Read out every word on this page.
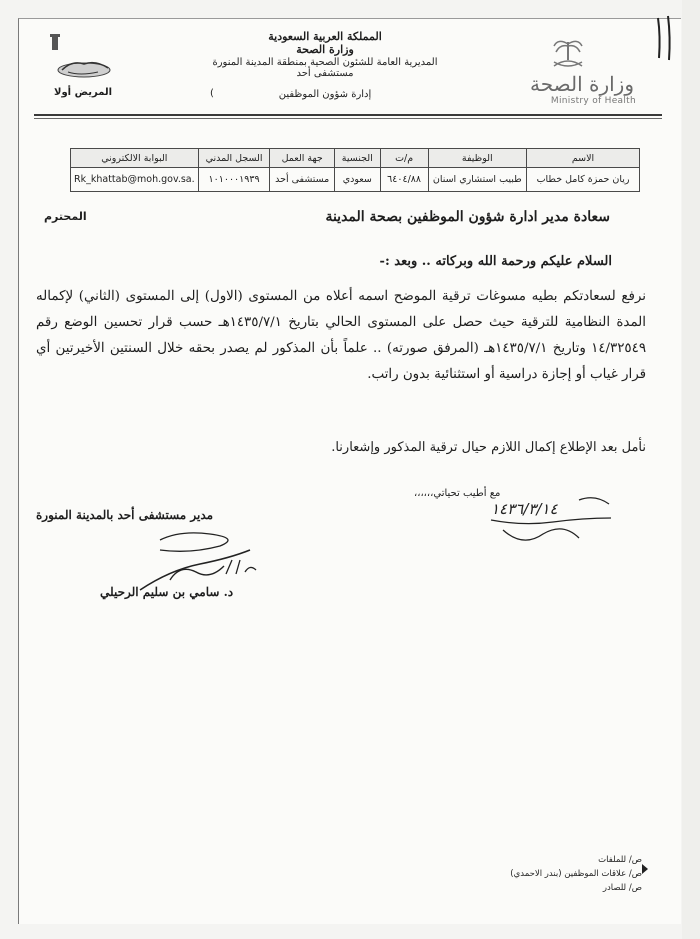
المريض أولا
المملكة العربية السعودية
وزارة الصحة
المديرية العامة للشئون الصحية بمنطقة المدينة المنورة
مستشفى أحد
إدارة شؤون الموظفين
(	وزارة الصحة
Ministry of Health
الاسم	الوظيفة	م/ت	الجنسية	جهة العمل	السجل المدني	البوابة الالكتروني
ريان حمزة كامل خطاب	طبيب استشاري اسنان	٦٤٠٤/٨٨	سعودي	مستشفى أحد	١٠١٠٠٠١٩٣٩	Rk_khattab@moh.gov.sa.
سعادة مدير ادارة شؤون الموظفين بصحة المدينة
المحترم
السلام عليكم ورحمة الله وبركاته .. وبعد :-
نرفع لسعادتكم بطيه مسوغات ترقية الموضح اسمه أعلاه من المستوى (الاول) إلى المستوى (الثاني) لإكماله المدة النظامية للترقية حيث حصل على المستوى الحالي بتاريخ ١٤٣٥/٧/١هـ حسب قرار تحسين الوضع رقم ١٤/٣٢٥٤٩ وتاريخ ١٤٣٥/٧/١هـ (المرفق صورته) .. علماً بأن المذكور لم يصدر بحقه خلال السنتين الأخيرتين أي قرار غياب أو إجازة دراسية أو استثنائية بدون راتب.
نأمل بعد الإطلاع إكمال اللازم حيال ترقية المذكور وإشعارنا.
مع أطيب تحياتي،،،،،،
١٤٣٦/٣/١٤
مدير مستشفى أحد بالمدينة المنورة
د. سامي بن سليم الرحيلي
ص/ للملفات
ص/ علاقات الموظفين (بندر الاحمدي)
ص/ للصادر
